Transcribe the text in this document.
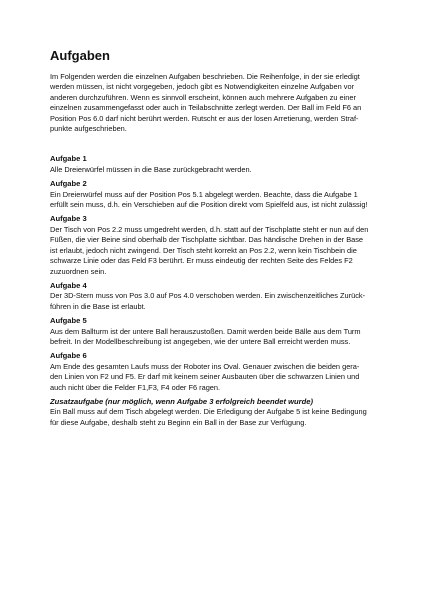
Aufgaben

Im Folgenden werden die einzelnen Aufgaben beschrieben. Die Reihenfolge, in der sie erledigt
werden müssen, ist nicht vorgegeben, jedoch gibt es Notwendigkeiten einzelne Aufgaben vor
anderen durchzuführen. Wenn es sinnvoll erscheint, können auch mehrere Aufgaben zu einer
einzelnen zusammengefasst oder auch in Teilabschnitte zerlegt werden. Der Ball im Feld F6 an
Position Pos 6.0 darf nicht berührt werden. Rutscht er aus der losen Arretierung, werden Straf-
punkte aufgeschrieben.

Aufgabe 1

Alle Dreierwürfel müssen in die Base zurückgebracht werden.

Aufgabe 2

Ein Dreierwürfel muss auf der Position Pos 5.1 abgelegt werden. Beachte, dass die Aufgabe 1
erfüllt sein muss, d.h. ein Verschieben auf die Position direkt vom Spielfeld aus, ist nicht zulässig!

Aufgabe 3

Der Tisch von Pos 2.2 muss umgedreht werden, d.h. statt auf der Tischplatte steht er nun auf den
Füßen, die vier Beine sind oberhalb der Tischplatte sichtbar. Das händische Drehen in der Base
ist erlaubt, jedoch nicht zwingend. Der Tisch steht korrekt an Pos 2.2, wenn kein Tischbein die
schwarze Linie oder das Feld F3 berührt. Er muss eindeutig der rechten Seite des Feldes F2
zuzuordnen sein.

Aufgabe 4

Der 3D-Stern muss von Pos 3.0 auf Pos 4.0 verschoben werden. Ein zwischenzeitliches Zurück-
führen in die Base ist erlaubt.

Aufgabe 5

Aus dem Ballturm ist der untere Ball herauszustoßen. Damit werden beide Bälle aus dem Turm
befreit. In der Modellbeschreibung ist angegeben, wie der untere Ball erreicht werden muss.

Aufgabe 6

Am Ende des gesamten Laufs muss der Roboter ins Oval. Genauer zwischen die beiden gera-
den Linien von F2 und F5. Er darf mit keinem seiner Ausbauten über die schwarzen Linien und
auch nicht über die Felder F1,F3, F4 oder F6 ragen.

Zusatzaufgabe (nur möglich, wenn Aufgabe 3 erfolgreich beendet wurde)

Ein Ball muss auf dem Tisch abgelegt werden. Die Erledigung der Aufgabe 5 ist keine Bedingung
für diese Aufgabe, deshalb steht zu Beginn ein Ball in der Base zur Verfügung.
